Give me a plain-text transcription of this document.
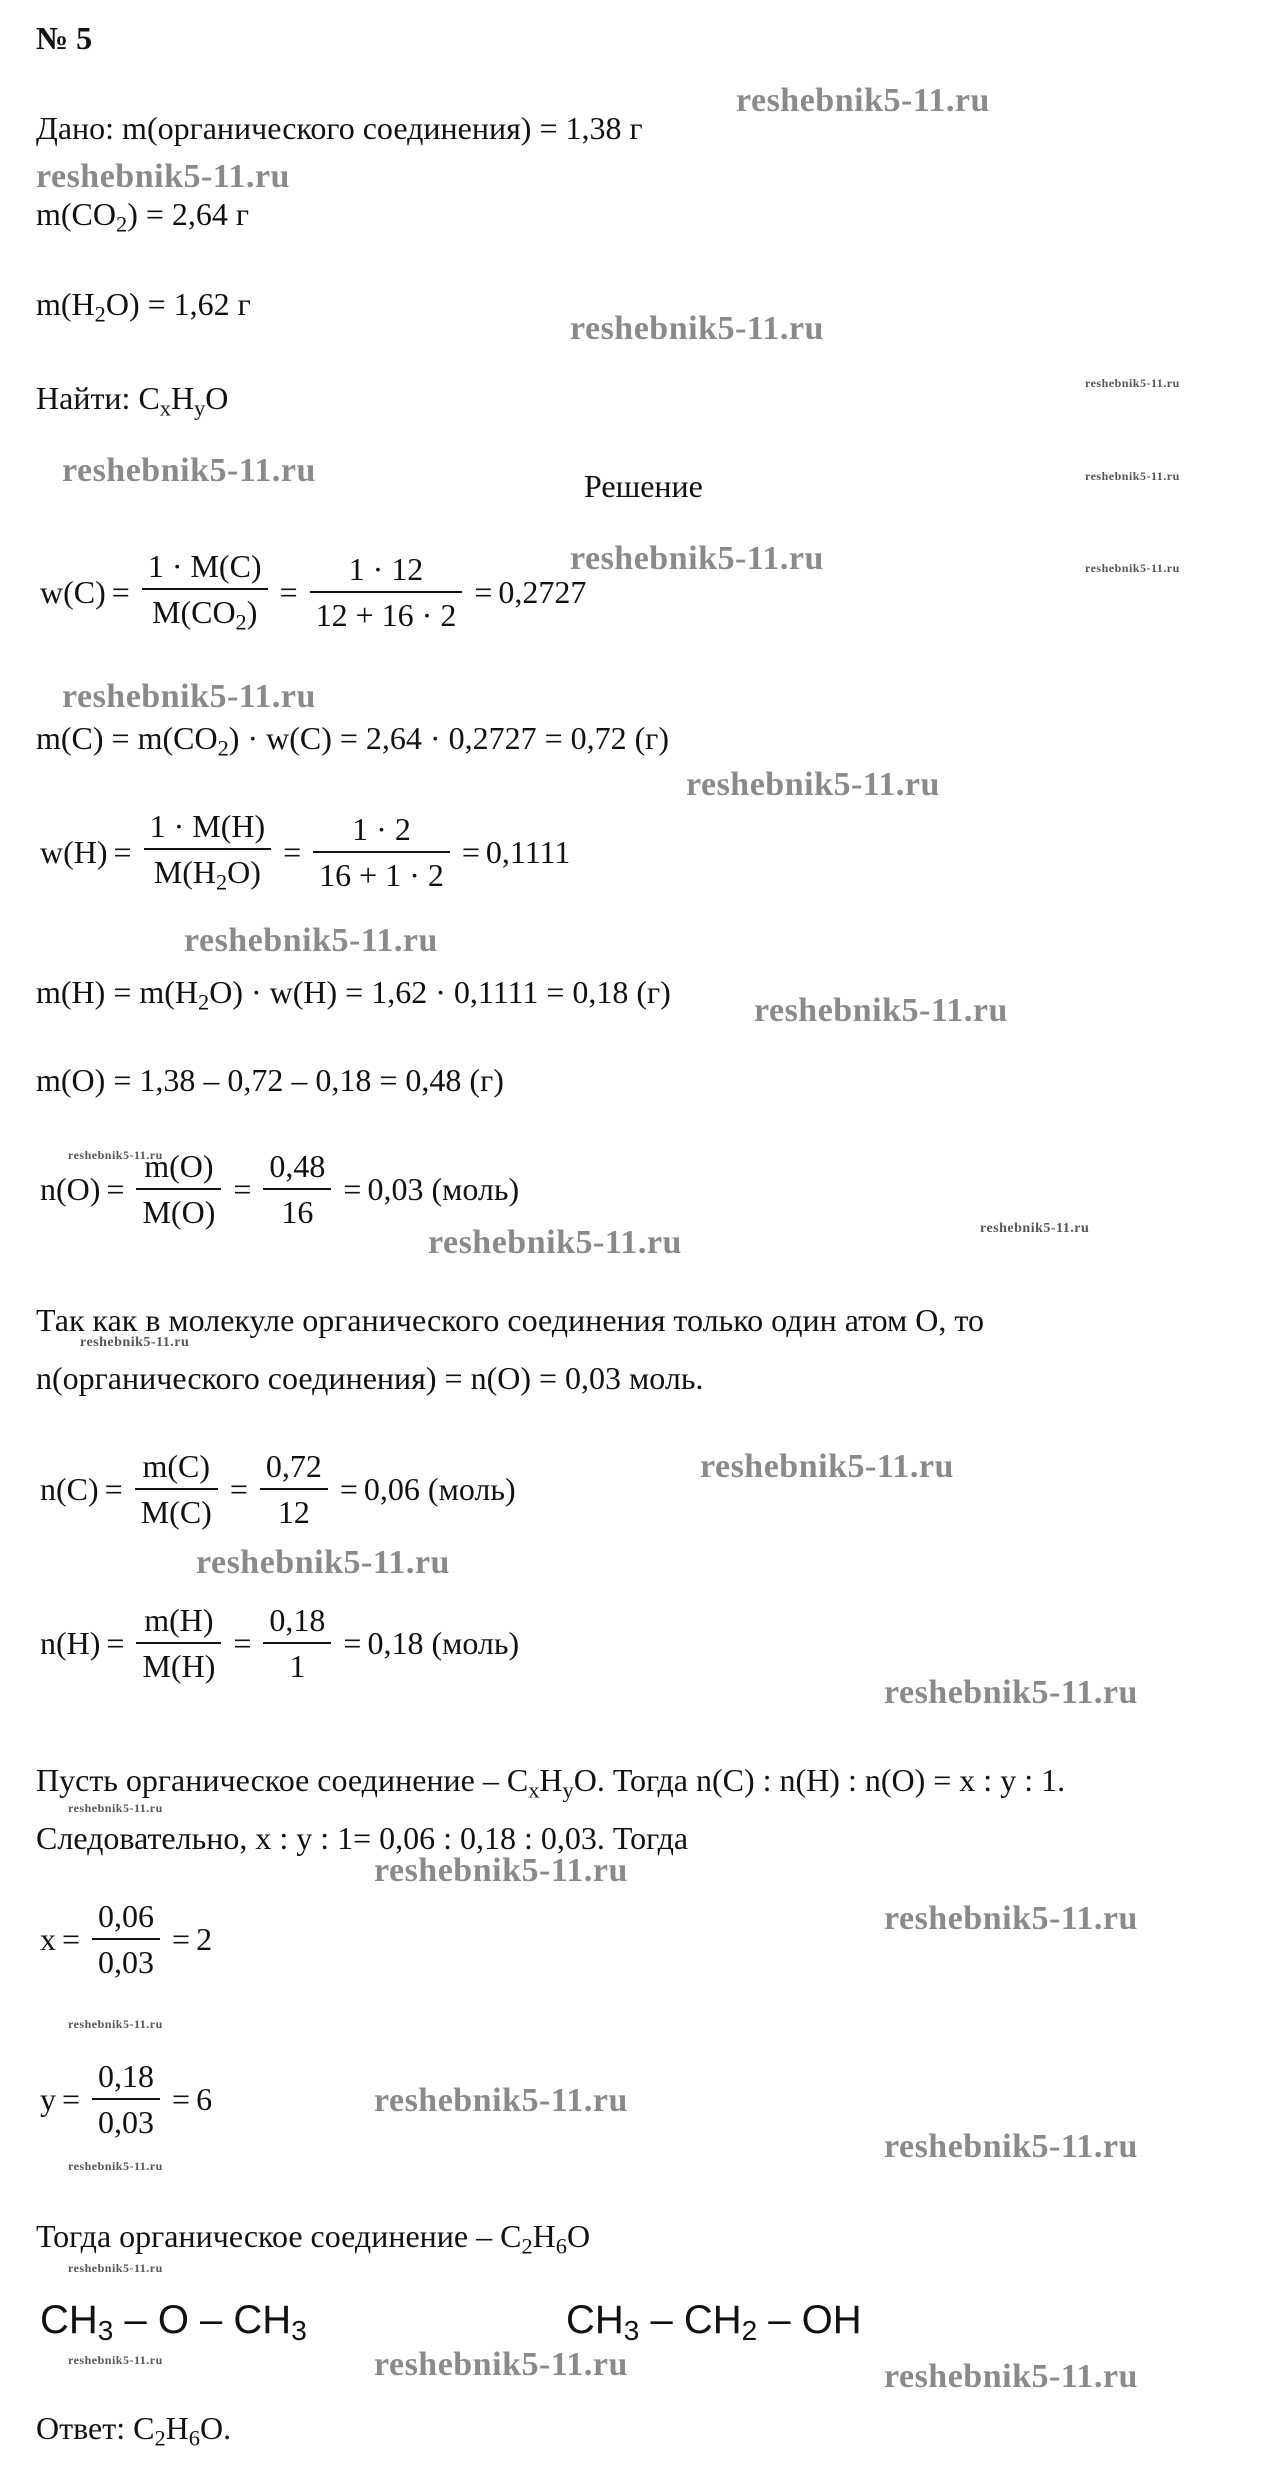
№ 5
Дано: m(органического соединения) = 1,38 г
$m(CO_2) = 2,64$ г
$m(H_2O) = 1,62$ г
Найти: $C_xH_yO$
Решение
$w(C) = \frac{1 \cdot M(C)}{M(CO_2)} = \frac{1 \cdot 12}{12 + 16 \cdot 2} = 0,2727$
$m(C) = m(CO_2) \cdot w(C) = 2,64 \cdot 0,2727 = 0,72$ (г)
$w(H) = \frac{1 \cdot M(H)}{M(H_2O)} = \frac{1 \cdot 2}{16 + 1 \cdot 2} = 0,1111$
$m(H) = m(H_2O) \cdot w(H) = 1,62 \cdot 0,1111 = 0,18$ (г)
m(O) = 1,38 – 0,72 – 0,18 = 0,48 (г)
$n(O) = \frac{m(O)}{M(O)} = \frac{0,48}{16} = 0,03$ (моль)
Так как в молекуле органического соединения только один атом O, то
n(органического соединения) = n(O) = 0,03 моль.
$n(C) = \frac{m(C)}{M(C)} = \frac{0,72}{12} = 0,06$ (моль)
$n(H) = \frac{m(H)}{M(H)} = \frac{0,18}{1} = 0,18$ (моль)
Пусть органическое соединение – $C_xH_yO$. Тогда n(C) : n(H) : n(O) = x : y : 1.
Следовательно, x : y : 1= 0,06 : 0,18 : 0,03. Тогда
$x = \frac{0,06}{0,03} = 2$
$y = \frac{0,18}{0,03} = 6$
Тогда органическое соединение – $C_2H_6O$
CH3 – O – CH3	CH3 – CH2 – OH
Ответ: $C_2H_6O$.
reshebnik5-11.ru
reshebnik5-11.ru
reshebnik5-11.ru
reshebnik5-11.ru
reshebnik5-11.ru	reshebnik5-11.ru
reshebnik5-11.ru	reshebnik5-11.ru
reshebnik5-11.ru
reshebnik5-11.ru
reshebnik5-11.ru
reshebnik5-11.ru
reshebnik5-11.ru
reshebnik5-11.ru	reshebnik5-11.ru
reshebnik5-11.ru
reshebnik5-11.ru
reshebnik5-11.ru
reshebnik5-11.ru
reshebnik5-11.ru
reshebnik5-11.ru
reshebnik5-11.ru
reshebnik5-11.ru
reshebnik5-11.ru
reshebnik5-11.ru
reshebnik5-11.ru
reshebnik5-11.ru
reshebnik5-11.ru	reshebnik5-11.ru	reshebnik5-11.ru
